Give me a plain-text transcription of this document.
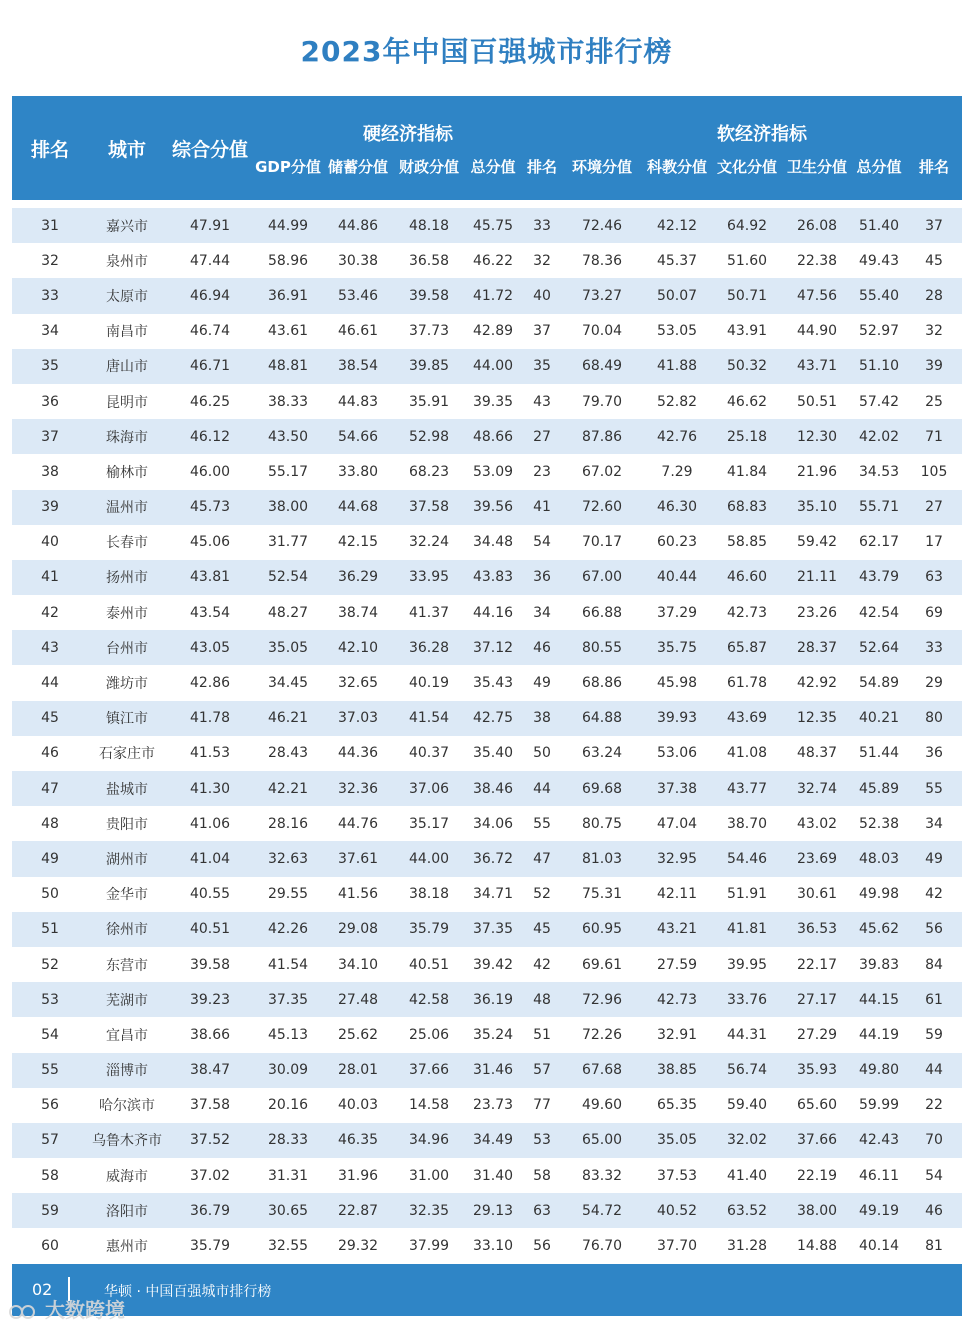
2023年中国百强城市排行榜
排名	城市	综合分值	硬经济指标					软经济指标					
			GDP分值	储蓄分值	财政分值	总分值	排名	环境分值	科教分值	文化分值	卫生分值	总分值	排名

31	嘉兴市	47.91	44.99	44.86	48.18	45.75	33	72.46	42.12	64.92	26.08	51.40	37
32	泉州市	47.44	58.96	30.38	36.58	46.22	32	78.36	45.37	51.60	22.38	49.43	45
33	太原市	46.94	36.91	53.46	39.58	41.72	40	73.27	50.07	50.71	47.56	55.40	28
34	南昌市	46.74	43.61	46.61	37.73	42.89	37	70.04	53.05	43.91	44.90	52.97	32
35	唐山市	46.71	48.81	38.54	39.85	44.00	35	68.49	41.88	50.32	43.71	51.10	39
36	昆明市	46.25	38.33	44.83	35.91	39.35	43	79.70	52.82	46.62	50.51	57.42	25
37	珠海市	46.12	43.50	54.66	52.98	48.66	27	87.86	42.76	25.18	12.30	42.02	71
38	榆林市	46.00	55.17	33.80	68.23	53.09	23	67.02	7.29	41.84	21.96	34.53	105
39	温州市	45.73	38.00	44.68	37.58	39.56	41	72.60	46.30	68.83	35.10	55.71	27
40	长春市	45.06	31.77	42.15	32.24	34.48	54	70.17	60.23	58.85	59.42	62.17	17
41	扬州市	43.81	52.54	36.29	33.95	43.83	36	67.00	40.44	46.60	21.11	43.79	63
42	泰州市	43.54	48.27	38.74	41.37	44.16	34	66.88	37.29	42.73	23.26	42.54	69
43	台州市	43.05	35.05	42.10	36.28	37.12	46	80.55	35.75	65.87	28.37	52.64	33
44	潍坊市	42.86	34.45	32.65	40.19	35.43	49	68.86	45.98	61.78	42.92	54.89	29
45	镇江市	41.78	46.21	37.03	41.54	42.75	38	64.88	39.93	43.69	12.35	40.21	80
46	石家庄市	41.53	28.43	44.36	40.37	35.40	50	63.24	53.06	41.08	48.37	51.44	36
47	盐城市	41.30	42.21	32.36	37.06	38.46	44	69.68	37.38	43.77	32.74	45.89	55
48	贵阳市	41.06	28.16	44.76	35.17	34.06	55	80.75	47.04	38.70	43.02	52.38	34
49	湖州市	41.04	32.63	37.61	44.00	36.72	47	81.03	32.95	54.46	23.69	48.03	49
50	金华市	40.55	29.55	41.56	38.18	34.71	52	75.31	42.11	51.91	30.61	49.98	42
51	徐州市	40.51	42.26	29.08	35.79	37.35	45	60.95	43.21	41.81	36.53	45.62	56
52	东营市	39.58	41.54	34.10	40.51	39.42	42	69.61	27.59	39.95	22.17	39.83	84
53	芜湖市	39.23	37.35	27.48	42.58	36.19	48	72.96	42.73	33.76	27.17	44.15	61
54	宜昌市	38.66	45.13	25.62	25.06	35.24	51	72.26	32.91	44.31	27.29	44.19	59
55	淄博市	38.47	30.09	28.01	37.66	31.46	57	67.68	38.85	56.74	35.93	49.80	44
56	哈尔滨市	37.58	20.16	40.03	14.58	23.73	77	49.60	65.35	59.40	65.60	59.99	22
57	乌鲁木齐市	37.52	28.33	46.35	34.96	34.49	53	65.00	35.05	32.02	37.66	42.43	70
58	威海市	37.02	31.31	31.96	31.00	31.40	58	83.32	37.53	41.40	22.19	46.11	54
59	洛阳市	36.79	30.65	22.87	32.35	29.13	63	54.72	40.52	63.52	38.00	49.19	46
60	惠州市	35.79	32.55	29.32	37.99	33.10	56	76.70	37.70	31.28	14.88	40.14	81
02	华顿 · 中国百强城市排行榜
大数跨境
